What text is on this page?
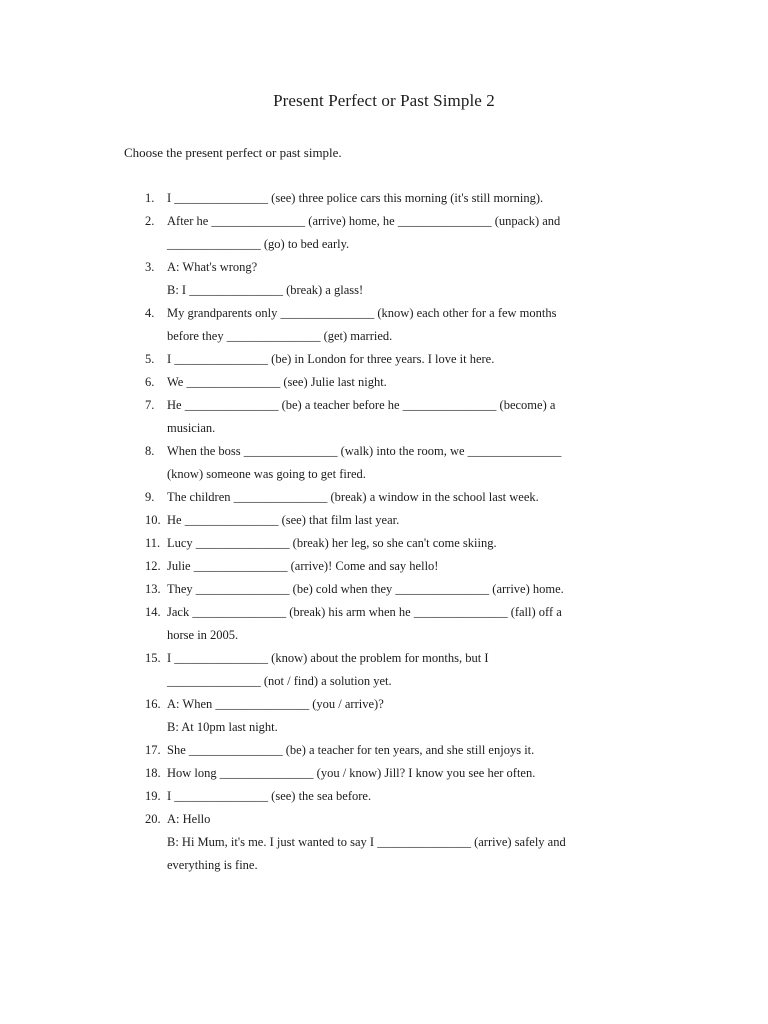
Present Perfect or Past Simple 2
Choose the present perfect or past simple.
1.	I _______________ (see) three police cars this morning (it's still morning).
2.	After he _______________ (arrive) home, he _______________ (unpack) and
_______________ (go) to bed early.
3.	A: What's wrong?
B: I _______________ (break) a glass!
4.	My grandparents only _______________ (know) each other for a few months
before they _______________ (get) married.
5.	I _______________ (be) in London for three years. I love it here.
6.	We _______________ (see) Julie last night.
7.	He _______________ (be) a teacher before he _______________ (become) a
musician.
8.	When the boss _______________ (walk) into the room, we _______________
(know) someone was going to get fired.
9.	The children _______________ (break) a window in the school last week.
10. He _______________ (see) that film last year.
11. Lucy _______________ (break) her leg, so she can't come skiing.
12. Julie _______________ (arrive)! Come and say hello!
13. They _______________ (be) cold when they _______________ (arrive) home.
14. Jack _______________ (break) his arm when he _______________ (fall) off a
horse in 2005.
15. I _______________ (know) about the problem for months, but I
_______________ (not / find) a solution yet.
16. A: When _______________ (you / arrive)?
B: At 10pm last night.
17. She _______________ (be) a teacher for ten years, and she still enjoys it.
18. How long _______________ (you / know) Jill? I know you see her often.
19. I _______________ (see) the sea before.
20. A: Hello
B: Hi Mum, it's me. I just wanted to say I _______________ (arrive) safely and
everything is fine.
